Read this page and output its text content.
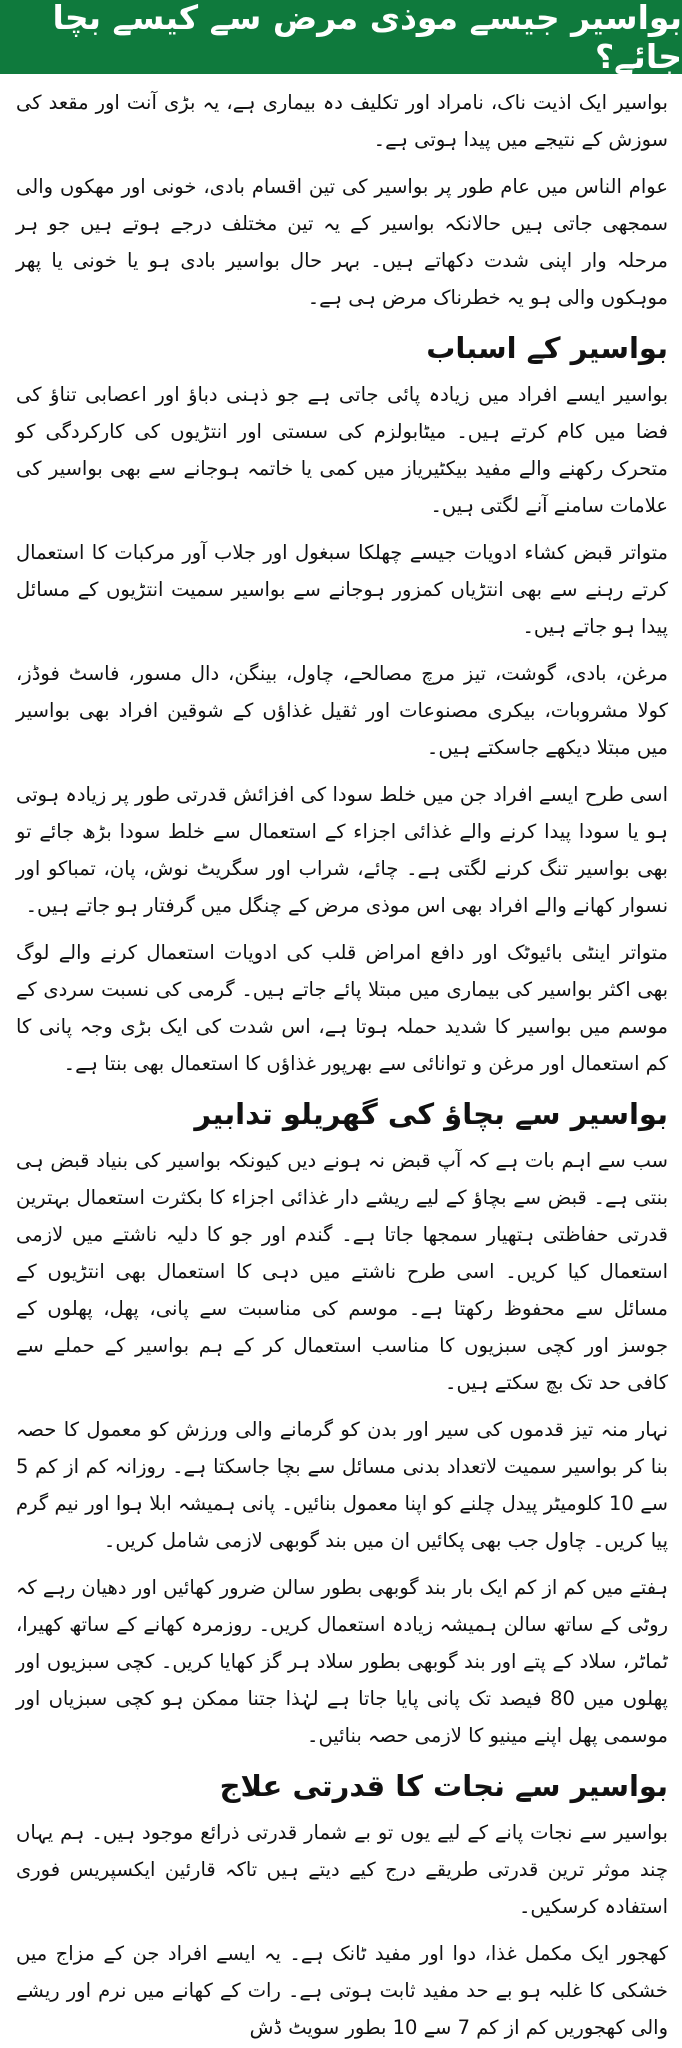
بواسیر جیسے موذی مرض سے کیسے بچا جائے؟

بواسیر ایک اذیت ناک، نامراد اور تکلیف دہ بیماری ہے، یہ بڑی آنت اور مقعد کی سوزش کے نتیجے میں پیدا ہوتی ہے۔

عوام الناس میں عام طور پر بواسیر کی تین اقسام بادی، خونی اور مھکوں والی سمجھی جاتی ہیں حالانکہ بواسیر کے یہ تین مختلف درجے ہوتے ہیں جو ہر مرحلہ وار اپنی شدت دکھاتے ہیں۔ بہر حال بواسیر بادی ہو یا خونی یا پھر موہکوں والی ہو یہ خطرناک مرض ہی ہے۔

بواسیر کے اسباب

بواسیر ایسے افراد میں زیادہ پائی جاتی ہے جو ذہنی دباؤ اور اعصابی تناؤ کی فضا میں کام کرتے ہیں۔ میٹابولزم کی سستی اور انتڑیوں کی کارکردگی کو متحرک رکھنے والے مفید بیکٹیریاز میں کمی یا خاتمہ ہوجانے سے بھی بواسیر کی علامات سامنے آنے لگتی ہیں۔

متواتر قبض کشاء ادویات جیسے چھلکا سبغول اور جلاب آور مرکبات کا استعمال کرتے رہنے سے بھی انتڑیاں کمزور ہوجانے سے بواسیر سمیت انتڑیوں کے مسائل پیدا ہو جاتے ہیں۔

مرغن، بادی، گوشت، تیز مرچ مصالحے، چاول، بینگن، دال مسور، فاسٹ فوڈز، کولا مشروبات، بیکری مصنوعات اور ثقیل غذاؤں کے شوقین افراد بھی بواسیر میں مبتلا دیکھے جاسکتے ہیں۔

اسی طرح ایسے افراد جن میں خلط سودا کی افزائش قدرتی طور پر زیادہ ہوتی ہو یا سودا پیدا کرنے والے غذائی اجزاء کے استعمال سے خلط سودا بڑھ جائے تو بھی بواسیر تنگ کرنے لگتی ہے۔ چائے، شراب اور سگریٹ نوش، پان، تمباکو اور نسوار کھانے والے افراد بھی اس موذی مرض کے چنگل میں گرفتار ہو جاتے ہیں۔

متواتر اینٹی بائیوٹک اور دافع امراض قلب کی ادویات استعمال کرنے والے لوگ بھی اکثر بواسیر کی بیماری میں مبتلا پائے جاتے ہیں۔ گرمی کی نسبت سردی کے موسم میں بواسیر کا شدید حملہ ہوتا ہے، اس شدت کی ایک بڑی وجہ پانی کا کم استعمال اور مرغن و توانائی سے بھرپور غذاؤں کا استعمال بھی بنتا ہے۔

بواسیر سے بچاؤ کی گھریلو تدابیر

سب سے اہم بات ہے کہ آپ قبض نہ ہونے دیں کیونکہ بواسیر کی بنیاد قبض ہی بنتی ہے۔ قبض سے بچاؤ کے لیے ریشے دار غذائی اجزاء کا بکثرت استعمال بہترین قدرتی حفاظتی ہتھیار سمجھا جاتا ہے۔ گندم اور جو کا دلیہ ناشتے میں لازمی استعمال کیا کریں۔ اسی طرح ناشتے میں دہی کا استعمال بھی انتڑیوں کے مسائل سے محفوظ رکھتا ہے۔ موسم کی مناسبت سے پانی، پھل، پھلوں کے جوسز اور کچی سبزیوں کا مناسب استعمال کر کے ہم بواسیر کے حملے سے کافی حد تک بچ سکتے ہیں۔

نہار منہ تیز قدموں کی سیر اور بدن کو گرمانے والی ورزش کو معمول کا حصہ بنا کر بواسیر سمیت لاتعداد بدنی مسائل سے بچا جاسکتا ہے۔ روزانہ کم از کم 5 سے 10 کلومیٹر پیدل چلنے کو اپنا معمول بنائیں۔ پانی ہمیشہ ابلا ہوا اور نیم گرم پیا کریں۔ چاول جب بھی پکائیں ان میں بند گوبھی لازمی شامل کریں۔

ہفتے میں کم از کم ایک بار بند گوبھی بطور سالن ضرور کھائیں اور دھیان رہے کہ روٹی کے ساتھ سالن ہمیشہ زیادہ استعمال کریں۔ روزمرہ کھانے کے ساتھ کھیرا، ٹماٹر، سلاد کے پتے اور بند گوبھی بطور سلاد ہر گز کھایا کریں۔ کچی سبزیوں اور پھلوں میں 80 فیصد تک پانی پایا جاتا ہے لہٰذا جتنا ممکن ہو کچی سبزیاں اور موسمی پھل اپنے مینیو کا لازمی حصہ بنائیں۔

بواسیر سے نجات کا قدرتی علاج

بواسیر سے نجات پانے کے لیے یوں تو بے شمار قدرتی ذرائع موجود ہیں۔ ہم یہاں چند موثر ترین قدرتی طریقے درج کیے دیتے ہیں تاکہ قارئین ایکسپریس فوری استفادہ کرسکیں۔

کھجور ایک مکمل غذا، دوا اور مفید ٹانک ہے۔ یہ ایسے افراد جن کے مزاج میں خشکی کا غلبہ ہو بے حد مفید ثابت ہوتی ہے۔ رات کے کھانے میں نرم اور ریشے والی کھجوریں کم از کم 7 سے 10 بطور سویٹ ڈش
